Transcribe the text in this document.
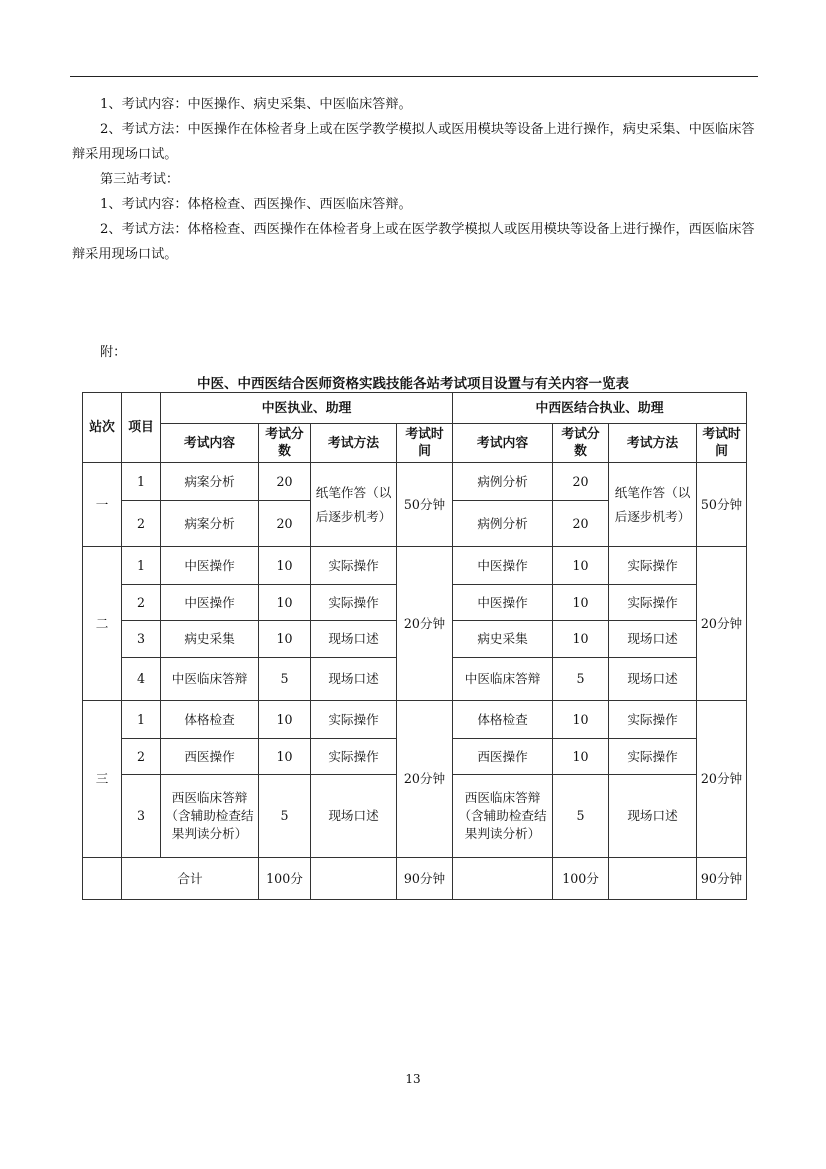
1、考试内容：中医操作、病史采集、中医临床答辩。

2、考试方法：中医操作在体检者身上或在医学教学模拟人或医用模块等设备上进行操作，病史采集、中医临床答辩采用现场口试。

第三站考试：

1、考试内容：体格检查、西医操作、西医临床答辩。

2、考试方法：体格检查、西医操作在体检者身上或在医学教学模拟人或医用模块等设备上进行操作，西医临床答辩采用现场口试。

附：

中医、中西医结合医师资格实践技能各站考试项目设置与有关内容一览表
站次	项目	中医执业、助理				中西医结合执业、助理			
		考试内容	考试分数	考试方法	考试时间	考试内容	考试分数	考试方法	考试时间
一	1	病案分析	20	纸笔作答（以后逐步机考）	50分钟	病例分析	20	纸笔作答（以后逐步机考）	50分钟
	2	病案分析	20			病例分析	20		
二	1	中医操作	10	实际操作	20分钟	中医操作	10	实际操作	20分钟
	2	中医操作	10	实际操作		中医操作	10	实际操作	
	3	病史采集	10	现场口述		病史采集	10	现场口述	
	4	中医临床答辩	5	现场口述		中医临床答辩	5	现场口述	
三	1	体格检查	10	实际操作	20分钟	体格检查	10	实际操作	20分钟
	2	西医操作	10	实际操作		西医操作	10	实际操作	
	3	西医临床答辩（含辅助检查结果判读分析）	5	现场口述		西医临床答辩（含辅助检查结果判读分析）	5	现场口述	
	合计		100分		90分钟		100分		90分钟
13
